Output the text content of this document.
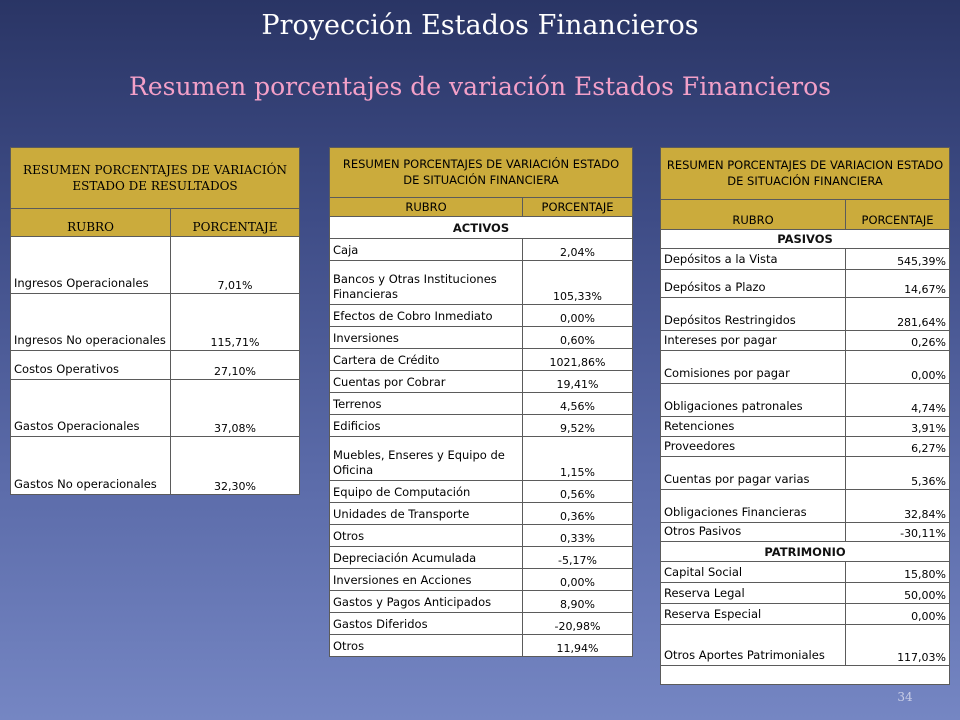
Proyección Estados Financieros
Resumen porcentajes de variación Estados Financieros
RESUMEN PORCENTAJES DE VARIACIÓN ESTADO DE RESULTADOS	
RUBRO	PORCENTAJE
Ingresos Operacionales	7,01%
Ingresos No operacionales	115,71%
Costos Operativos	27,10%
Gastos Operacionales	37,08%
Gastos No operacionales	32,30%
RESUMEN PORCENTAJES DE VARIACIÓN ESTADO DE SITUACIÓN FINANCIERA	
RUBRO	PORCENTAJE
ACTIVOS	
Caja	2,04%
Bancos y Otras Instituciones Financieras	105,33%
Efectos de Cobro Inmediato	0,00%
Inversiones	0,60%
Cartera de Crédito	1021,86%
Cuentas por Cobrar	19,41%
Terrenos	4,56%
Edificios	9,52%
Muebles, Enseres y Equipo de Oficina	1,15%
Equipo de Computación	0,56%
Unidades de Transporte	0,36%
Otros	0,33%
Depreciación Acumulada	-5,17%
Inversiones en Acciones	0,00%
Gastos y Pagos Anticipados	8,90%
Gastos Diferidos	-20,98%
Otros	11,94%
RESUMEN PORCENTAJES DE VARIACION ESTADO DE SITUACIÓN FINANCIERA	
RUBRO	PORCENTAJE
PASIVOS	
Depósitos a la Vista	545,39%
Depósitos a Plazo	14,67%
Depósitos Restringidos	281,64%
Intereses por pagar	0,26%
Comisiones por pagar	0,00%
Obligaciones patronales	4,74%
Retenciones	3,91%
Proveedores	6,27%
Cuentas por pagar varias	5,36%
Obligaciones Financieras	32,84%
Otros Pasivos	-30,11%
PATRIMONIO	
Capital Social	15,80%
Reserva Legal	50,00%
Reserva Especial	0,00%
Otros Aportes Patrimoniales	117,03%

34
